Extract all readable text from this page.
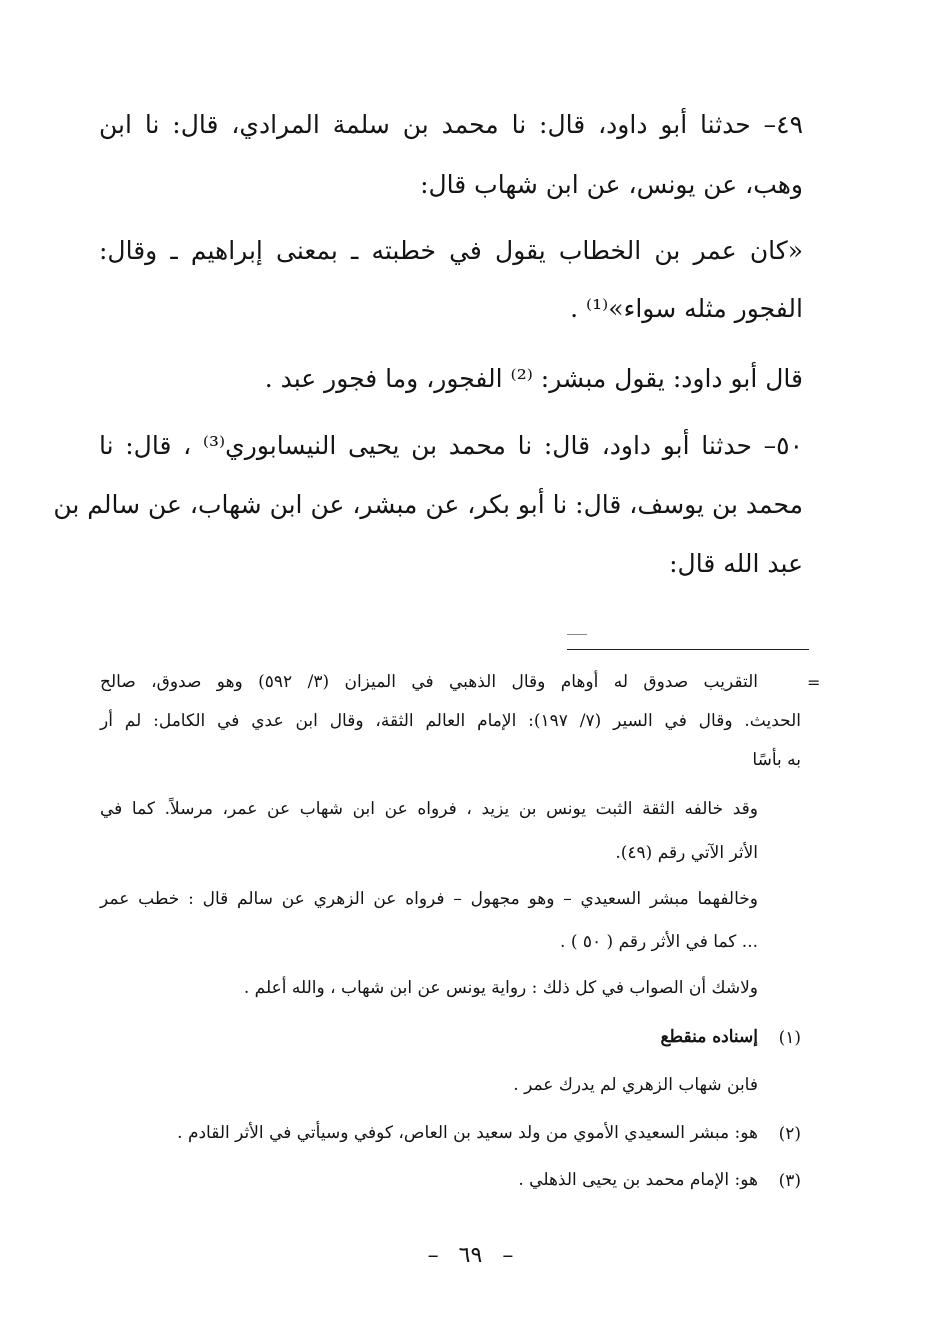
٤٩– حدثنا أبو داود، قال: نا محمد بن سلمة المرادي، قال: نا ابن
وهب، عن يونس، عن ابن شهاب قال:
«كان عمر بن الخطاب يقول في خطبته ـ بمعنى إبراهيم ـ وقال:
الفجور مثله سواء»⁽¹⁾ .
قال أبو داود: يقول مبشر: ⁽²⁾ الفجور، وما فجور عبد .
٥٠– حدثنا أبو داود، قال: نا محمد بن يحيى النيسابوري⁽³⁾ ، قال: نا
محمد بن يوسف، قال: نا أبو بكر، عن مبشر، عن ابن شهاب، عن سالم بن
عبد الله قال:
=
التقريب صدوق له أوهام وقال الذهبي في الميزان (٣/ ٥٩٢) وهو صدوق، صالح
الحديث. وقال في السير (٧/ ١٩٧): الإمام العالم الثقة، وقال ابن عدي في الكامل: لم أر
به بأسًا
وقد خالفه الثقة الثبت يونس بن يزيد ، فرواه عن ابن شهاب عن عمر، مرسلاً. كما في
الأثر الآتي رقم (٤٩).
وخالفهما مبشر السعيدي – وهو مجهول – فرواه عن الزهري عن سالم قال : خطب عمر
... كما في الأثر رقم ( ٥٠ ) .
ولاشك أن الصواب في كل ذلك : رواية يونس عن ابن شهاب ، والله أعلم .
(١)
إسناده منقطع
فابن شهاب الزهري لم يدرك عمر .
(٢)
هو: مبشر السعيدي الأموي من ولد سعيد بن العاص، كوفي وسيأتي في الأثر القادم .
(٣)
هو: الإمام محمد بن يحيى الذهلي .
– ٦٩ –
